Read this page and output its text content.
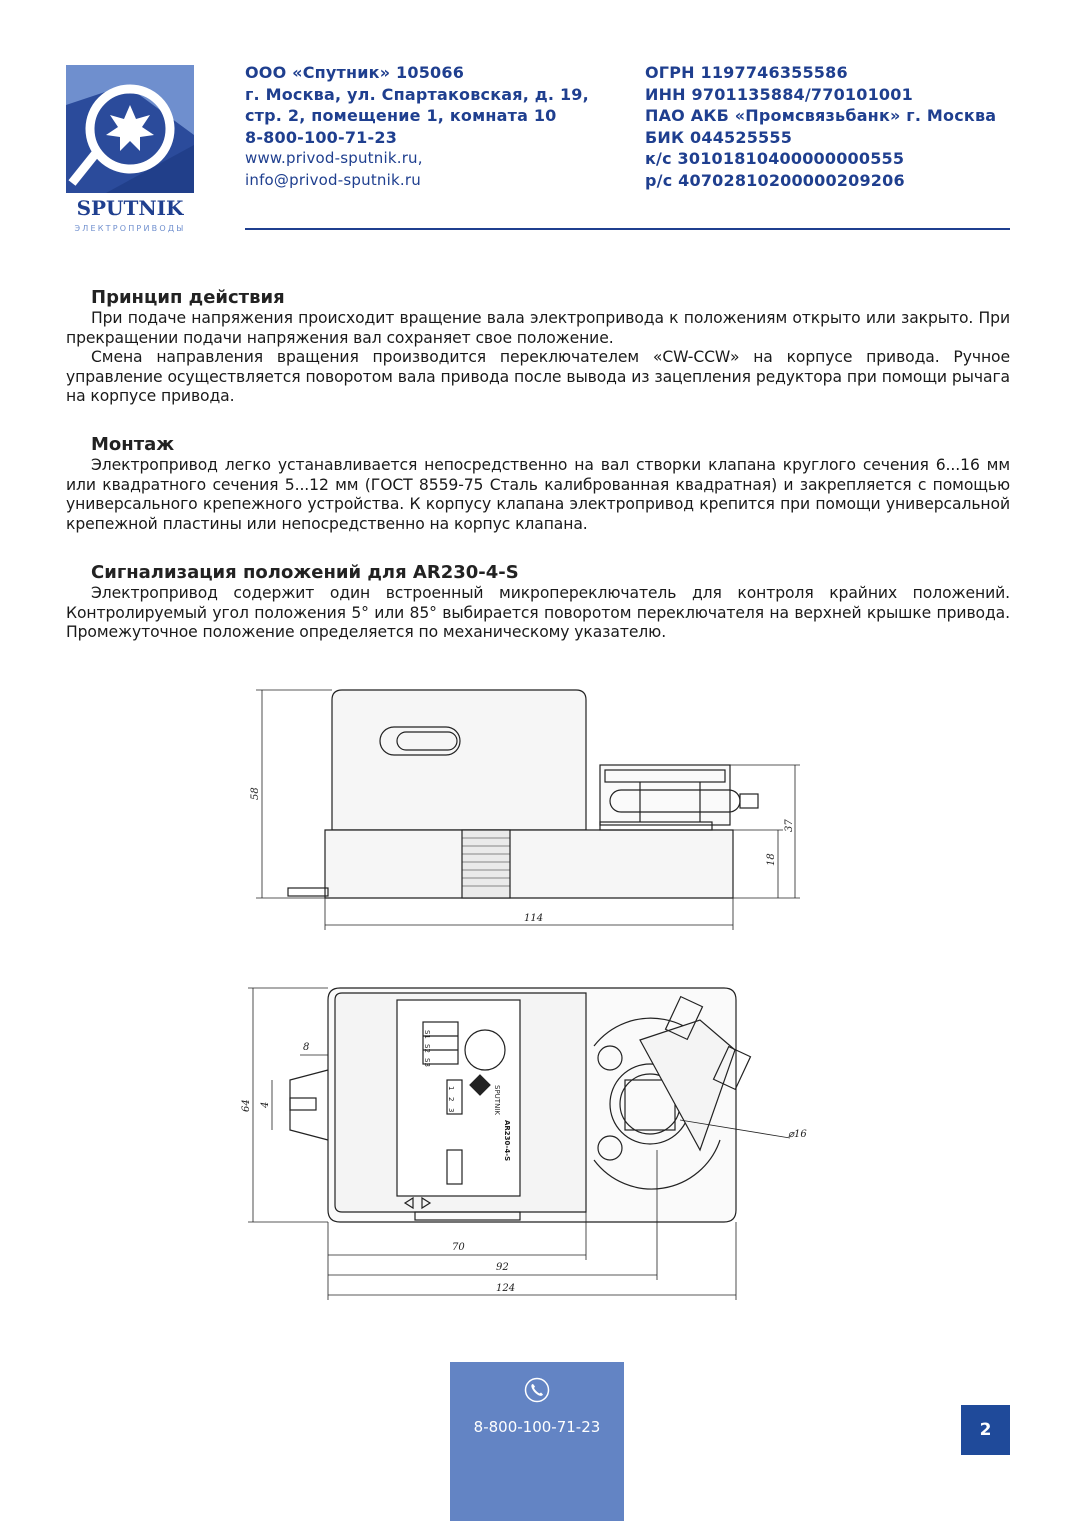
SPUTNIK
ЭЛЕКТРОПРИВОДЫ
ООО «Спутник» 105066
г. Москва, ул. Спартаковская, д. 19,
стр. 2, помещение 1, комната 10
8-800-100-71-23
www.privod-sputnik.ru,
info@privod-sputnik.ru
ОГРН 1197746355586
ИНН 9701135884/770101001
ПАО АКБ «Промсвязьбанк» г. Москва
БИК 044525555
к/с 30101810400000000555
р/с 40702810200000209206
Принцип действия

При подаче напряжения происходит вращение вала электропривода к положениям открыто или закрыто. При прекращении подачи напряжения вал сохраняет свое положение.

Смена направления вращения производится переключателем «CW-CCW» на корпусе привода. Ручное управление осуществляется поворотом вала привода после вывода из зацепления редуктора при помощи рычага на корпусе привода.

Монтаж

Электропривод легко устанавливается непосредственно на вал створки клапана круглого сечения 6...16 мм или квадратного сечения 5...12 мм (ГОСТ 8559-75 Сталь калиброванная квадратная) и закрепляется с помощью универсального крепежного устройства. К корпусу клапана электропривод крепится при помощи универсальной крепежной пластины или непосредственно на корпус клапана.

Сигнализация положений для AR230-4-S

Электропривод содержит один встроенный микропереключатель для контроля крайних положений. Контролируемый угол положения 5° или 85° выбирается поворотом переключателя на верхней крышке привода. Промежуточное положение определяется по механическому указателю.

58
37
18
114
8
64 4
70
92
124
⌀16
AR230-4-S
SPUTNIK
S1
S2
S3
1
2
3
8-800-100-71-23	2
